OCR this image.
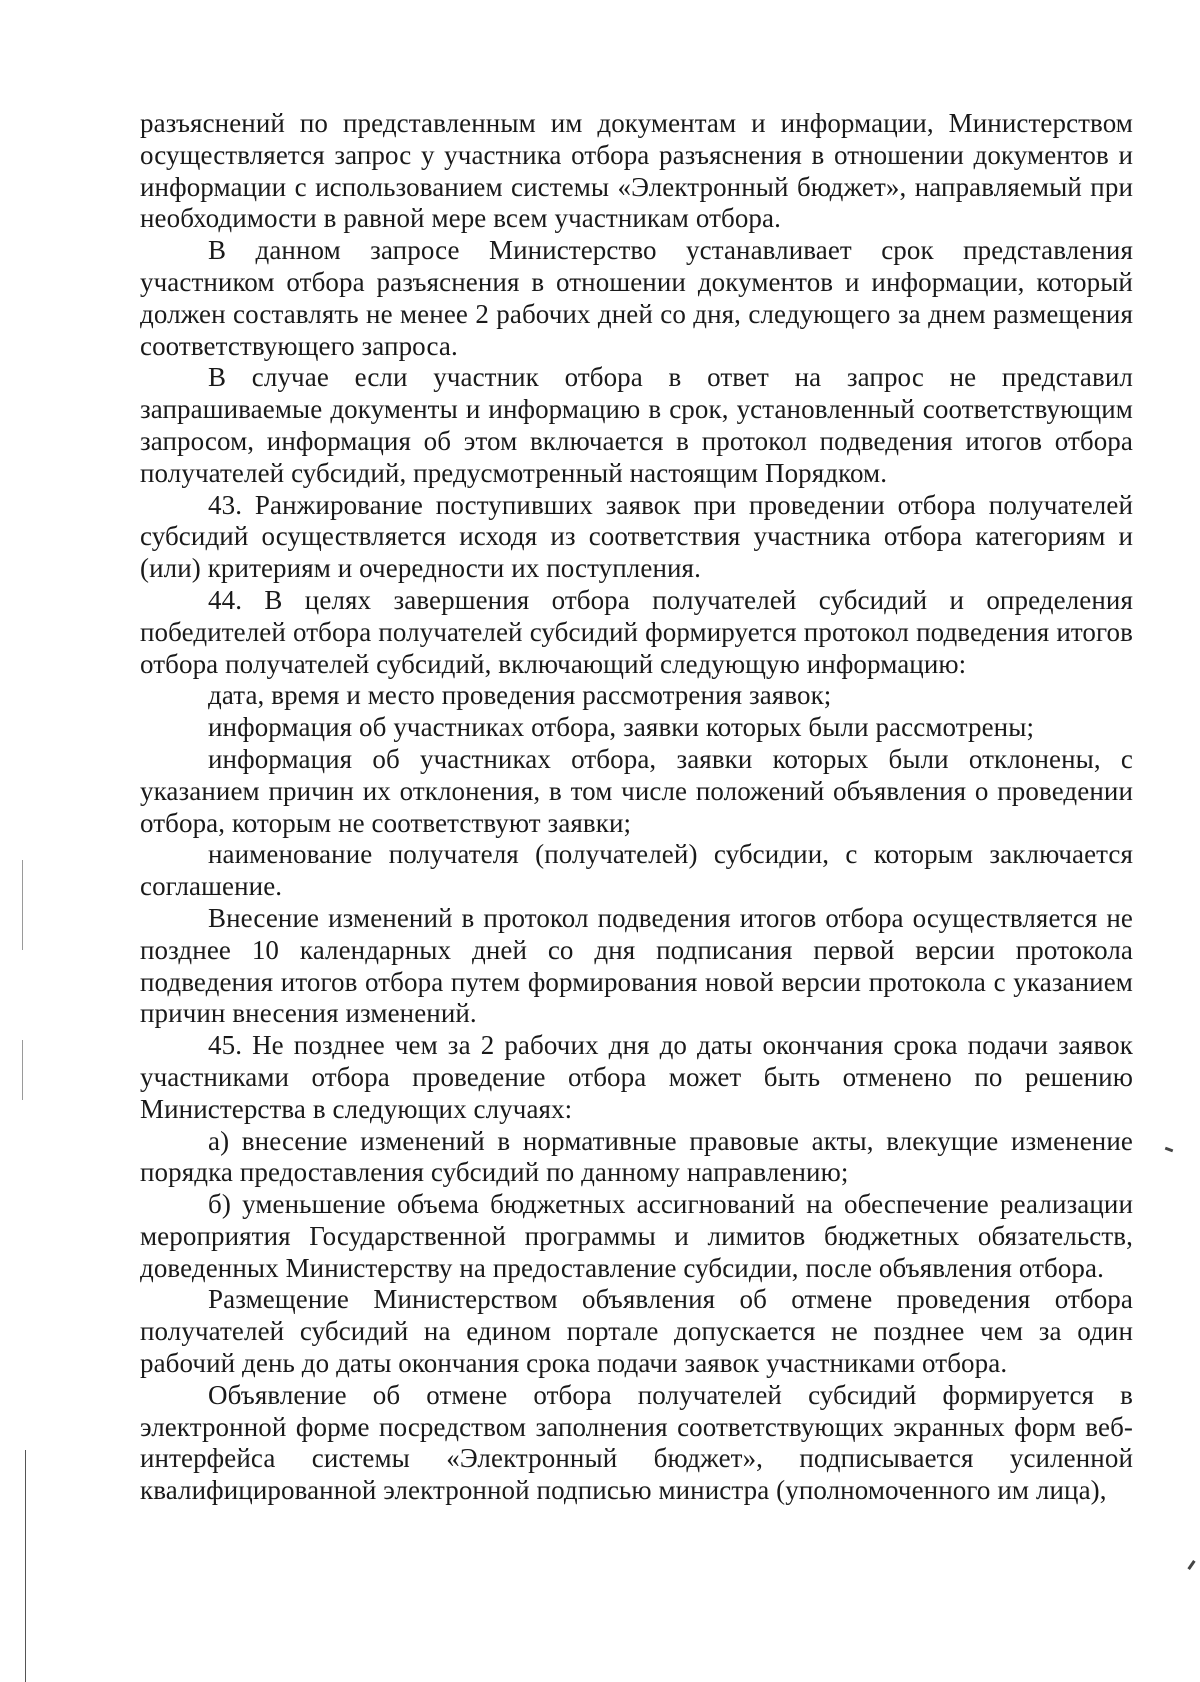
разъяснений по представленным им документам и информации, Министерством осуществляется запрос у участника отбора разъяснения в отношении документов и информации с использованием системы «Электронный бюджет», направляемый при необходимости в равной мере всем участникам отбора.

В данном запросе Министерство устанавливает срок представления участником отбора разъяснения в отношении документов и информации, который должен составлять не менее 2 рабочих дней со дня, следующего за днем размещения соответствующего запроса.

В случае если участник отбора в ответ на запрос не представил запрашиваемые документы и информацию в срок, установленный соответствующим запросом, информация об этом включается в протокол подведения итогов отбора получателей субсидий, предусмотренный настоящим Порядком.

43. Ранжирование поступивших заявок при проведении отбора получателей субсидий осуществляется исходя из соответствия участника отбора категориям и (или) критериям и очередности их поступления.

44. В целях завершения отбора получателей субсидий и определения победителей отбора получателей субсидий формируется протокол подведения итогов отбора получателей субсидий, включающий следующую информацию:

дата, время и место проведения рассмотрения заявок;

информация об участниках отбора, заявки которых были рассмотрены;

информация об участниках отбора, заявки которых были отклонены, с указанием причин их отклонения, в том числе положений объявления о проведении отбора, которым не соответствуют заявки;

наименование получателя (получателей) субсидии, с которым заключается соглашение.

Внесение изменений в протокол подведения итогов отбора осуществляется не позднее 10 календарных дней со дня подписания первой версии протокола подведения итогов отбора путем формирования новой версии протокола с указанием причин внесения изменений.

45. Не позднее чем за 2 рабочих дня до даты окончания срока подачи заявок участниками отбора проведение отбора может быть отменено по решению Министерства в следующих случаях:

а) внесение изменений в нормативные правовые акты, влекущие изменение порядка предоставления субсидий по данному направлению;

б) уменьшение объема бюджетных ассигнований на обеспечение реализации мероприятия Государственной программы и лимитов бюджетных обязательств, доведенных Министерству на предоставление субсидии, после объявления отбора.

Размещение Министерством объявления об отмене проведения отбора получателей субсидий на едином портале допускается не позднее чем за один рабочий день до даты окончания срока подачи заявок участниками отбора.

Объявление об отмене отбора получателей субсидий формируется в электронной форме посредством заполнения соответствующих экранных форм веб-интерфейса системы «Электронный бюджет», подписывается усиленной квалифицированной электронной подписью министра (уполномоченного им лица),
